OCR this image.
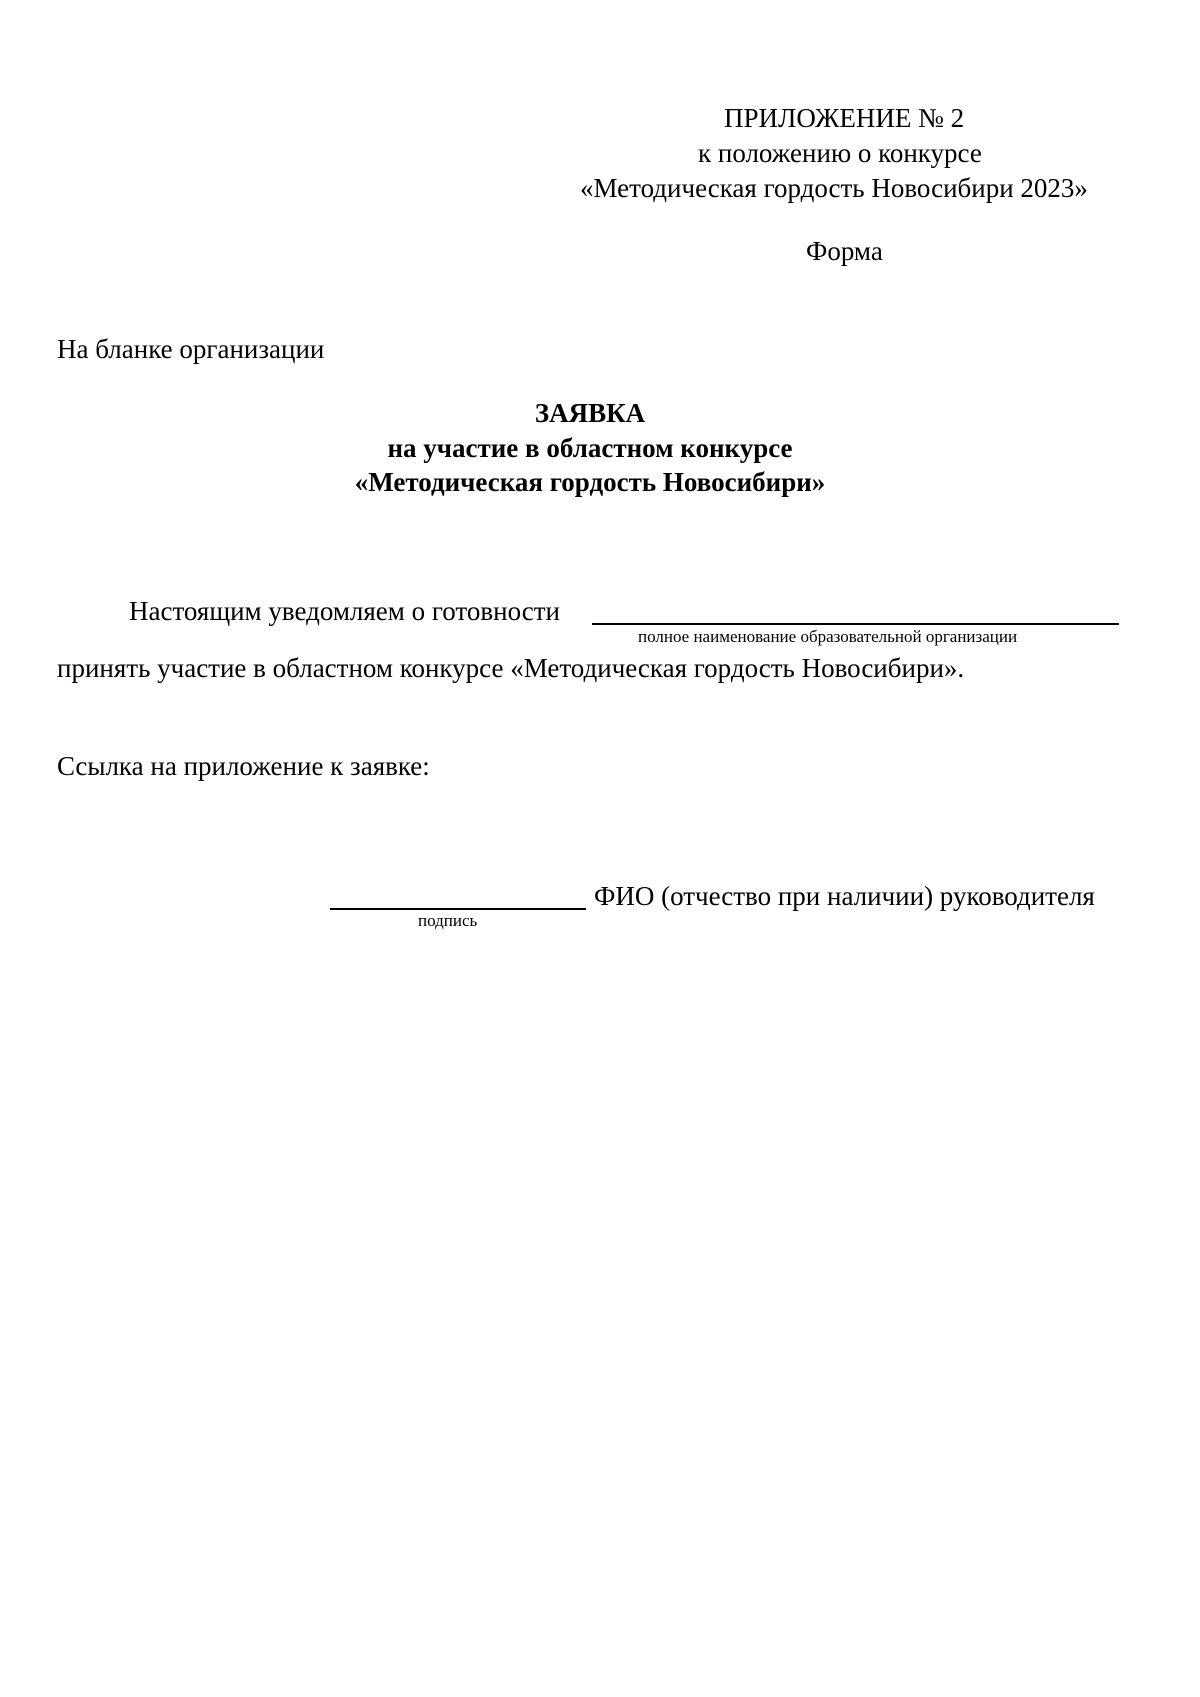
ПРИЛОЖЕНИЕ № 2
к положению о конкурсе
«Методическая гордость Новосибири 2023»
Форма
На бланке организации
ЗАЯВКА
на участие в областном конкурсе
«Методическая гордость Новосибири»
Настоящим уведомляем о готовности
полное наименование образовательной организации
принять участие в областном конкурсе «Методическая гордость Новосибири».
Ссылка на приложение к заявке:
подпись
ФИО (отчество при наличии) руководителя
